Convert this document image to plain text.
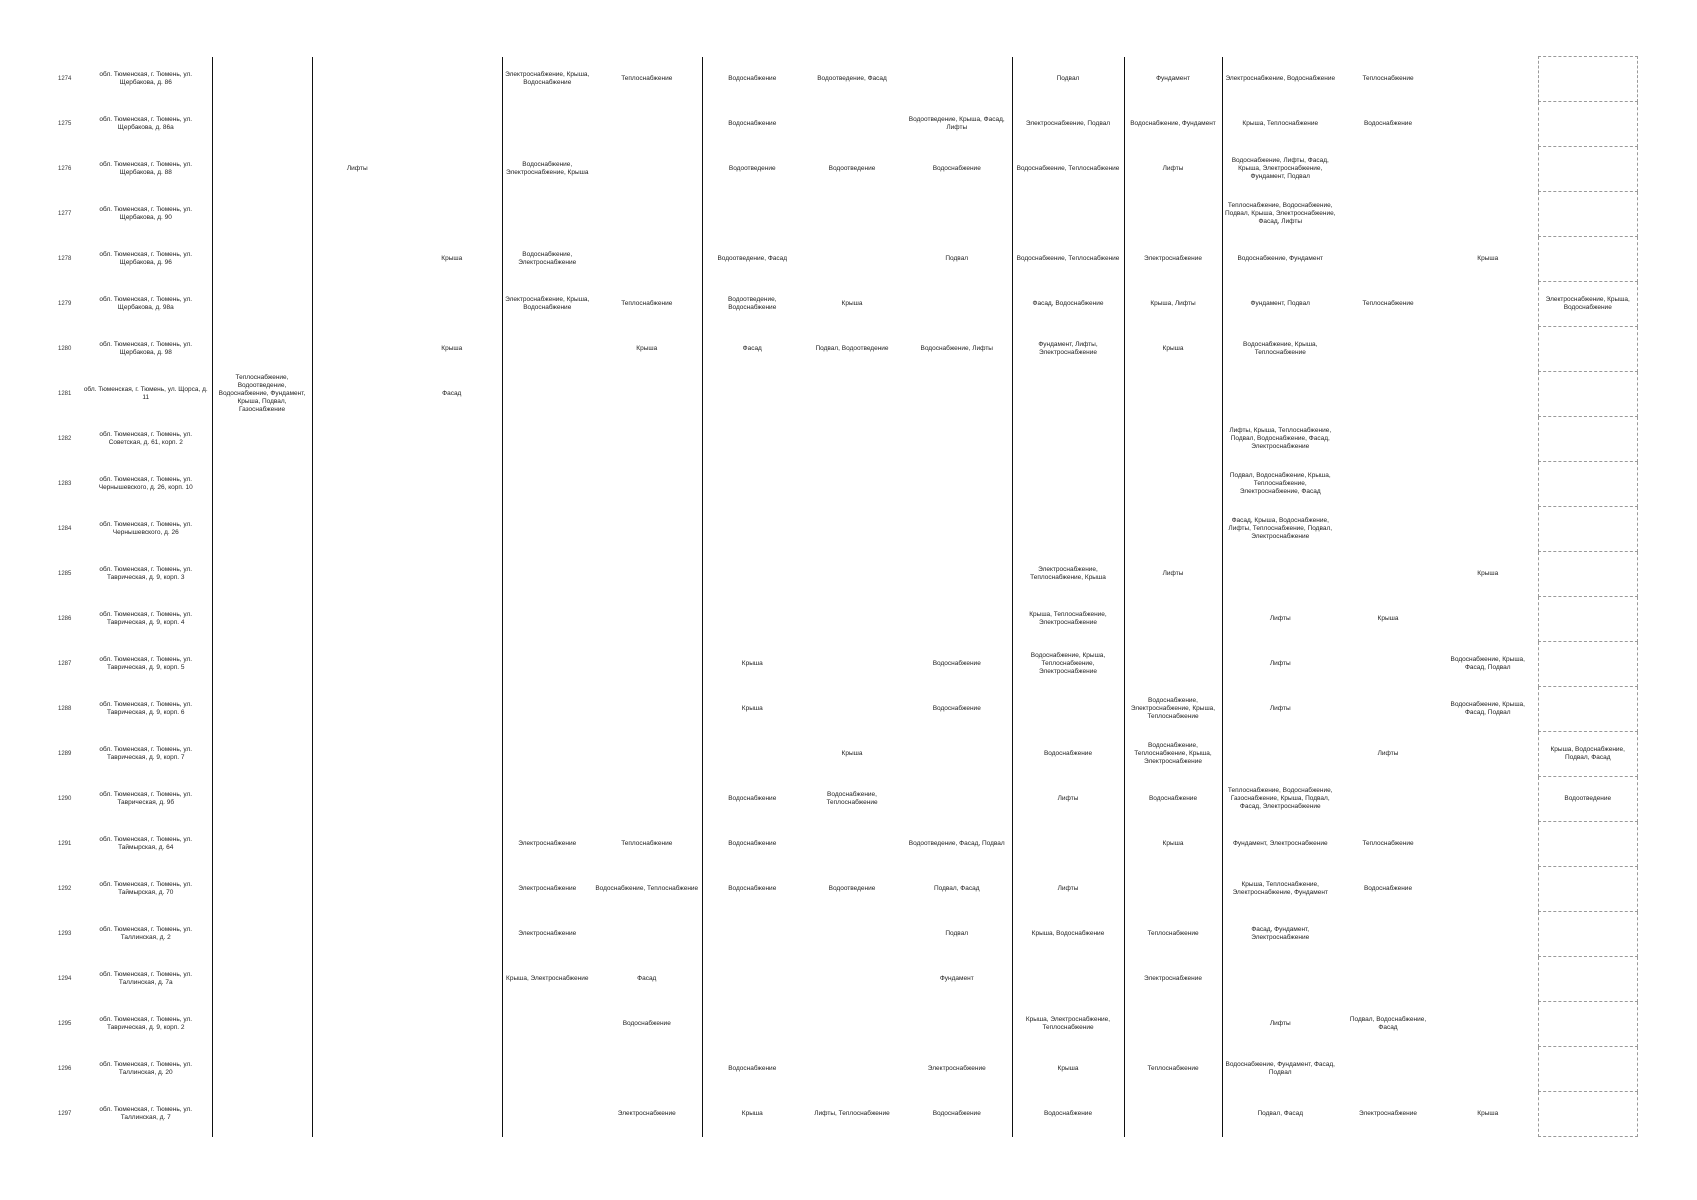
1274	обл. Тюменская, г. Тюмень, ул. Щербакова, д. 86				Электроснабжение, Крыша, Водоснабжение	Теплоснабжение	Водоснабжение	Водоотведение, Фасад		Подвал	Фундамент	Электроснабжение, Водоснабжение	Теплоснабжение		
1275	обл. Тюменская, г. Тюмень, ул. Щербакова, д. 86а						Водоснабжение		Водоотведение, Крыша, Фасад, Лифты	Электроснабжение, Подвал	Водоснабжение, Фундамент	Крыша, Теплоснабжение	Водоснабжение		
1276	обл. Тюменская, г. Тюмень, ул. Щербакова, д. 88		Лифты		Водоснабжение, Электроснабжение, Крыша		Водоотведение	Водоотведение	Водоснабжение	Водоснабжение, Теплоснабжение	Лифты	Водоснабжение, Лифты, Фасад, Крыша, Электроснабжение, Фундамент, Подвал			
1277	обл. Тюменская, г. Тюмень, ул. Щербакова, д. 90											Теплоснабжение, Водоснабжение, Подвал, Крыша, Электроснабжение, Фасад, Лифты			
1278	обл. Тюменская, г. Тюмень, ул. Щербакова, д. 96			Крыша	Водоснабжение, Электроснабжение		Водоотведение, Фасад		Подвал	Водоснабжение, Теплоснабжение	Электроснабжение	Водоснабжение, Фундамент		Крыша	
1279	обл. Тюменская, г. Тюмень, ул. Щербакова, д. 98а				Электроснабжение, Крыша, Водоснабжение	Теплоснабжение	Водоотведение, Водоснабжение	Крыша		Фасад, Водоснабжение	Крыша, Лифты	Фундамент, Подвал	Теплоснабжение		Электроснабжение, Крыша, Водоснабжение
1280	обл. Тюменская, г. Тюмень, ул. Щербакова, д. 98			Крыша		Крыша	Фасад	Подвал, Водоотведение	Водоснабжение, Лифты	Фундамент, Лифты, Электроснабжение	Крыша	Водоснабжение, Крыша, Теплоснабжение			
1281	обл. Тюменская, г. Тюмень, ул. Щорса, д. 11	Теплоснабжение, Водоотведение, Водоснабжение, Фундамент, Крыша, Подвал, Газоснабжение		Фасад											
1282	обл. Тюменская, г. Тюмень, ул. Советская, д. 61, корп. 2											Лифты, Крыша, Теплоснабжение, Подвал, Водоснабжение, Фасад, Электроснабжение			
1283	обл. Тюменская, г. Тюмень, ул. Чернышевского, д. 26, корп. 10											Подвал, Водоснабжение, Крыша, Теплоснабжение, Электроснабжение, Фасад			
1284	обл. Тюменская, г. Тюмень, ул. Чернышевского, д. 26											Фасад, Крыша, Водоснабжение, Лифты, Теплоснабжение, Подвал, Электроснабжение			
1285	обл. Тюменская, г. Тюмень, ул. Таврическая, д. 9, корп. 3									Электроснабжение, Теплоснабжение, Крыша	Лифты			Крыша	
1286	обл. Тюменская, г. Тюмень, ул. Таврическая, д. 9, корп. 4									Крыша, Теплоснабжение, Электроснабжение		Лифты	Крыша		
1287	обл. Тюменская, г. Тюмень, ул. Таврическая, д. 9, корп. 5						Крыша		Водоснабжение	Водоснабжение, Крыша, Теплоснабжение, Электроснабжение		Лифты		Водоснабжение, Крыша, Фасад, Подвал	
1288	обл. Тюменская, г. Тюмень, ул. Таврическая, д. 9, корп. 6						Крыша		Водоснабжение		Водоснабжение, Электроснабжение, Крыша, Теплоснабжение	Лифты		Водоснабжение, Крыша, Фасад, Подвал	
1289	обл. Тюменская, г. Тюмень, ул. Таврическая, д. 9, корп. 7							Крыша		Водоснабжение	Водоснабжение, Теплоснабжение, Крыша, Электроснабжение		Лифты		Крыша, Водоснабжение, Подвал, Фасад
1290	обл. Тюменская, г. Тюмень, ул. Таврическая, д. 9б						Водоснабжение	Водоснабжение, Теплоснабжение		Лифты	Водоснабжение	Теплоснабжение, Водоснабжение, Газоснабжение, Крыша, Подвал, Фасад, Электроснабжение			Водоотведение
1291	обл. Тюменская, г. Тюмень, ул. Таймырская, д. 64				Электроснабжение	Теплоснабжение	Водоснабжение		Водоотведение, Фасад, Подвал		Крыша	Фундамент, Электроснабжение	Теплоснабжение		
1292	обл. Тюменская, г. Тюмень, ул. Таймырская, д. 70				Электроснабжение	Водоснабжение, Теплоснабжение	Водоснабжение	Водоотведение	Подвал, Фасад	Лифты		Крыша, Теплоснабжение, Электроснабжение, Фундамент	Водоснабжение		
1293	обл. Тюменская, г. Тюмень, ул. Таллинская, д. 2				Электроснабжение				Подвал	Крыша, Водоснабжение	Теплоснабжение	Фасад, Фундамент, Электроснабжение			
1294	обл. Тюменская, г. Тюмень, ул. Таллинская, д. 7а				Крыша, Электроснабжение	Фасад			Фундамент		Электроснабжение				
1295	обл. Тюменская, г. Тюмень, ул. Таврическая, д. 9, корп. 2					Водоснабжение				Крыша, Электроснабжение, Теплоснабжение		Лифты	Подвал, Водоснабжение, Фасад		
1296	обл. Тюменская, г. Тюмень, ул. Таллинская, д. 20						Водоснабжение		Электроснабжение	Крыша	Теплоснабжение	Водоснабжение, Фундамент, Фасад, Подвал			
1297	обл. Тюменская, г. Тюмень, ул. Таллинская, д. 7					Электроснабжение	Крыша	Лифты, Теплоснабжение	Водоснабжение	Водоснабжение		Подвал, Фасад	Электроснабжение	Крыша	
